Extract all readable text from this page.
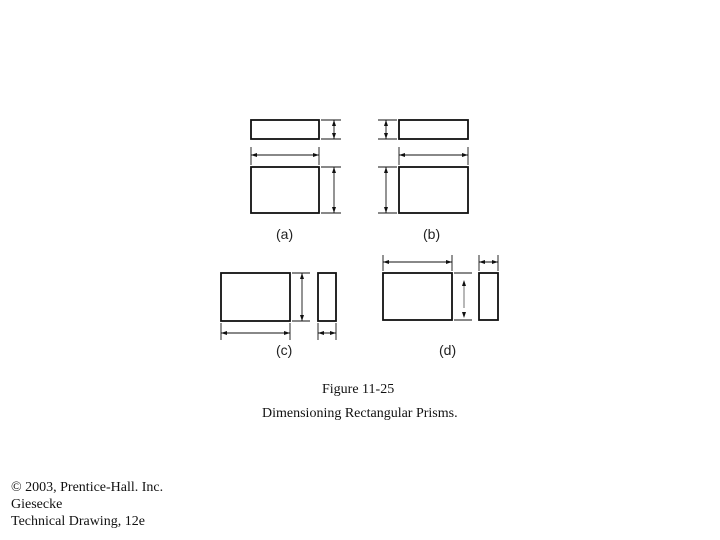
(a)	(b)
(c)	(d)
Figure 11-25
Dimensioning Rectangular Prisms.
© 2003, Prentice-Hall. Inc.
Giesecke
Technical Drawing, 12e
